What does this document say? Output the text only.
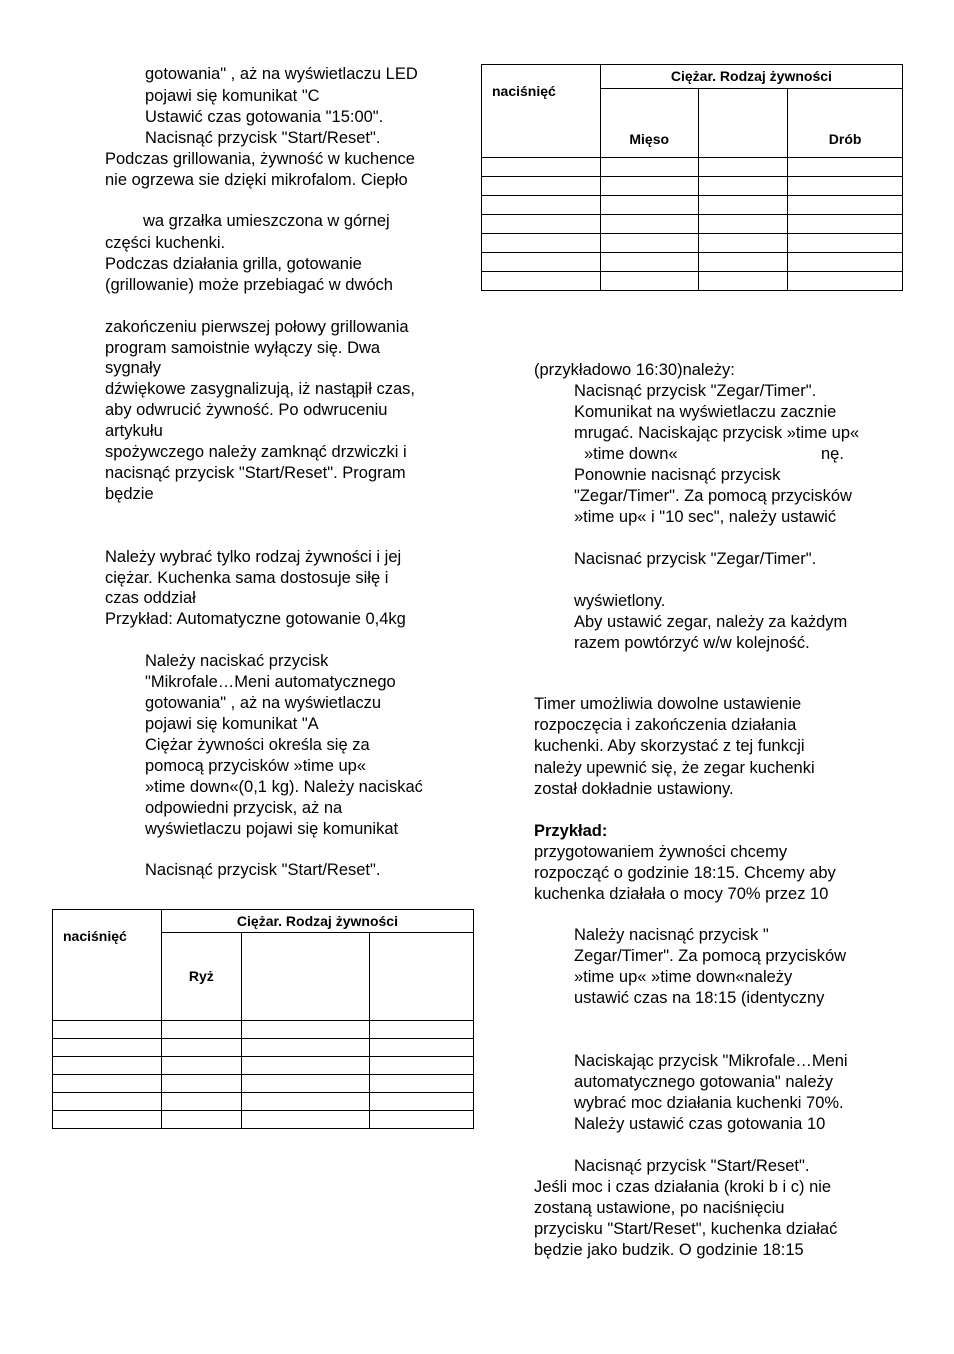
gotowania" , aż na wyświetlaczu LED
pojawi się komunikat "C
Ustawić czas gotowania "15:00".
Nacisnąć przycisk "Start/Reset".
Podczas grillowania, żywność w kuchence
nie ogrzewa sie dzięki mikrofalom. Ciepło
wa grzałka umieszczona w górnej
części kuchenki.
Podczas działania grilla, gotowanie
(grillowanie) może przebiagać w dwóch
zakończeniu pierwszej połowy grillowania
program samoistnie wyłączy się. Dwa
sygnały
dźwiękowe zasygnalizują, iż nastąpił czas,
aby odwrucić żywność. Po odwruceniu
artykułu
spożywczego należy zamknąć drzwiczki i
nacisnąć przycisk "Start/Reset". Program
będzie
Należy wybrać tylko rodzaj żywności i jej
ciężar. Kuchenka sama dostosuje siłę i
czas oddział
Przykład: Automatyczne gotowanie 0,4kg
Należy naciskać przycisk
"Mikrofale…Meni automatycznego
gotowania" , aż na wyświetlaczu
pojawi się komunikat "A
Ciężar żywności określa się za
pomocą przycisków »time up«
»time down«(0,1 kg). Należy naciskać
odpowiedni przycisk, aż na
wyświetlaczu pojawi się komunikat
Nacisnąć przycisk "Start/Reset".
naciśnięć	Ciężar. Rodzaj żywności		
	Mięso		Drób

naciśnięć	Ciężar. Rodzaj żywności		
	Ryż		

(przykładowo 16:30)należy:
Nacisnąć przycisk "Zegar/Timer".
Komunikat na wyświetlaczu zacznie
mrugać. Naciskając przycisk »time up«
»time down«	nę.
Ponownie nacisnąć przycisk
"Zegar/Timer". Za pomocą przycisków
»time up« i "10 sec", należy ustawić
Nacisnać przycisk "Zegar/Timer".
wyświetlony.
Aby ustawić zegar, należy za każdym
razem powtórzyć w/w kolejność.
Timer umożliwia dowolne ustawienie
rozpoczęcia i zakończenia działania
kuchenki. Aby skorzystać z tej funkcji
należy upewnić się, że zegar kuchenki
został dokładnie ustawiony.
Przykład:
przygotowaniem żywności chcemy
rozpocząć o godzinie 18:15. Chcemy aby
kuchenka działała o mocy 70% przez 10
Należy nacisnąć przycisk "
Zegar/Timer". Za pomocą przycisków
»time up« »time down«należy
ustawić czas na 18:15 (identyczny
Naciskając przycisk "Mikrofale…Meni
automatycznego gotowania" należy
wybrać moc działania kuchenki 70%.
Należy ustawić czas gotowania 10
Nacisnąć przycisk "Start/Reset".
Jeśli moc i czas działania (kroki b i c) nie
zostaną ustawione, po naciśnięciu
przycisku "Start/Reset", kuchenka działać
będzie jako budzik. O godzinie 18:15
